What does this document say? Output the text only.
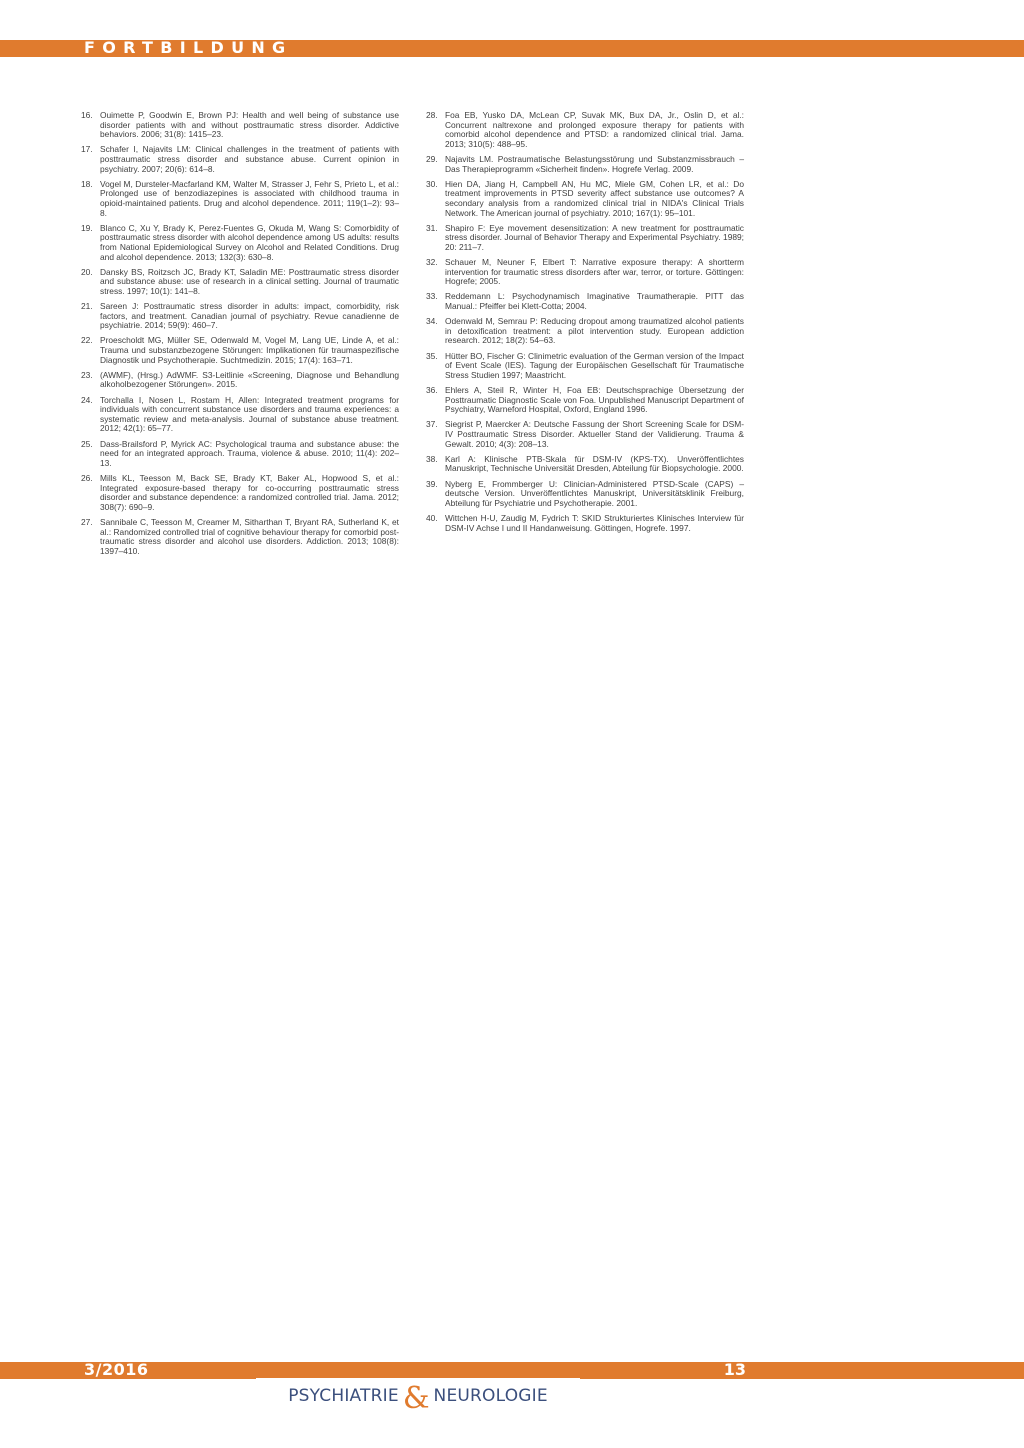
FORTBILDUNG
16. Ouimette P, Goodwin E, Brown PJ: Health and well being of substance use disorder patients with and without posttraumatic stress disorder. Addictive behaviors. 2006; 31(8): 1415–23.
17. Schafer I, Najavits LM: Clinical challenges in the treatment of patients with posttraumatic stress disorder and substance abuse. Current opinion in psychiatry. 2007; 20(6): 614–8.
18. Vogel M, Dursteler-Macfarland KM, Walter M, Strasser J, Fehr S, Prieto L, et al.: Prolonged use of benzodiazepines is associated with childhood trauma in opioid-maintained patients. Drug and alcohol dependence. 2011; 119(1–2): 93–8.
19. Blanco C, Xu Y, Brady K, Perez-Fuentes G, Okuda M, Wang S: Comorbidity of posttraumatic stress disorder with alcohol dependence among US adults: results from National Epidemiological Survey on Alcohol and Related Conditions. Drug and alcohol dependence. 2013; 132(3): 630–8.
20. Dansky BS, Roitzsch JC, Brady KT, Saladin ME: Posttraumatic stress disorder and substance abuse: use of research in a clinical setting. Journal of traumatic stress. 1997; 10(1): 141–8.
21. Sareen J: Posttraumatic stress disorder in adults: impact, comorbidity, risk factors, and treatment. Canadian journal of psychiatry. Revue canadienne de psychiatrie. 2014; 59(9): 460–7.
22. Proescholdt MG, Müller SE, Odenwald M, Vogel M, Lang UE, Linde A, et al.: Trauma und substanzbezogene Störungen: Implikationen für traumaspezifische Diagnostik und Psychotherapie. Suchtmedizin. 2015; 17(4): 163–71.
23. (AWMF), (Hrsg.) AdWMF. S3-Leitlinie «Screening, Diagnose und Behandlung alkoholbezogener Störungen». 2015.
24. Torchalla I, Nosen L, Rostam H, Allen: Integrated treatment programs for individuals with concurrent substance use disorders and trauma experiences: a systematic review and meta-analysis. Journal of substance abuse treatment. 2012; 42(1): 65–77.
25. Dass-Brailsford P, Myrick AC: Psychological trauma and substance abuse: the need for an integrated approach. Trauma, violence & abuse. 2010; 11(4): 202–13.
26. Mills KL, Teesson M, Back SE, Brady KT, Baker AL, Hopwood S, et al.: Integrated exposure-based therapy for co-occurring posttraumatic stress disorder and substance dependence: a randomized controlled trial. Jama. 2012; 308(7): 690–9.
27. Sannibale C, Teesson M, Creamer M, Sitharthan T, Bryant RA, Sutherland K, et al.: Randomized controlled trial of cognitive behaviour therapy for comorbid post-traumatic stress disorder and alcohol use disorders. Addiction. 2013; 108(8): 1397–410.
28. Foa EB, Yusko DA, McLean CP, Suvak MK, Bux DA, Jr., Oslin D, et al.: Concurrent naltrexone and prolonged exposure therapy for patients with comorbid alcohol dependence and PTSD: a randomized clinical trial. Jama. 2013; 310(5): 488–95.
29. Najavits LM. Postraumatische Belastungsstörung und Substanzmissbrauch – Das Therapieprogramm «Sicherheit finden». Hogrefe Verlag. 2009.
30. Hien DA, Jiang H, Campbell AN, Hu MC, Miele GM, Cohen LR, et al.: Do treatment improvements in PTSD severity affect substance use outcomes? A secondary analysis from a randomized clinical trial in NIDA's Clinical Trials Network. The American journal of psychiatry. 2010; 167(1): 95–101.
31. Shapiro F: Eye movement desensitization: A new treatment for posttraumatic stress disorder. Journal of Behavior Therapy and Experimental Psychiatry. 1989; 20: 211–7.
32. Schauer M, Neuner F, Elbert T: Narrative exposure therapy: A shortterm intervention for traumatic stress disorders after war, terror, or torture. Göttingen: Hogrefe; 2005.
33. Reddemann L: Psychodynamisch Imaginative Traumatherapie. PITT das Manual.: Pfeiffer bei Klett-Cotta; 2004.
34. Odenwald M, Semrau P: Reducing dropout among traumatized alcohol patients in detoxification treatment: a pilot intervention study. European addiction research. 2012; 18(2): 54–63.
35. Hütter BO, Fischer G: Clinimetric evaluation of the German version of the Impact of Event Scale (IES). Tagung der Europäischen Gesellschaft für Traumatische Stress Studien 1997; Maastricht.
36. Ehlers A, Steil R, Winter H, Foa EB: Deutschsprachige Übersetzung der Posttraumatic Diagnostic Scale von Foa. Unpublished Manuscript Department of Psychiatry, Warneford Hospital, Oxford, England 1996.
37. Siegrist P, Maercker A: Deutsche Fassung der Short Screening Scale for DSM-IV Posttraumatic Stress Disorder. Aktueller Stand der Validierung. Trauma & Gewalt. 2010; 4(3): 208–13.
38. Karl A: Klinische PTB-Skala für DSM-IV (KPS-TX). Unveröffentlichtes Manuskript, Technische Universität Dresden, Abteilung für Biopsychologie. 2000.
39. Nyberg E, Frommberger U: Clinician-Administered PTSD-Scale (CAPS) – deutsche Version. Unveröffentlichtes Manuskript, Universitätsklinik Freiburg, Abteilung für Psychiatrie und Psychotherapie. 2001.
40. Wittchen H-U, Zaudig M, Fydrich T: SKID Strukturiertes Klinisches Interview für DSM-IV Achse I und II Handanweisung. Göttingen, Hogrefe. 1997.
3/2016	13
PSYCHIATRIE & NEUROLOGIE
